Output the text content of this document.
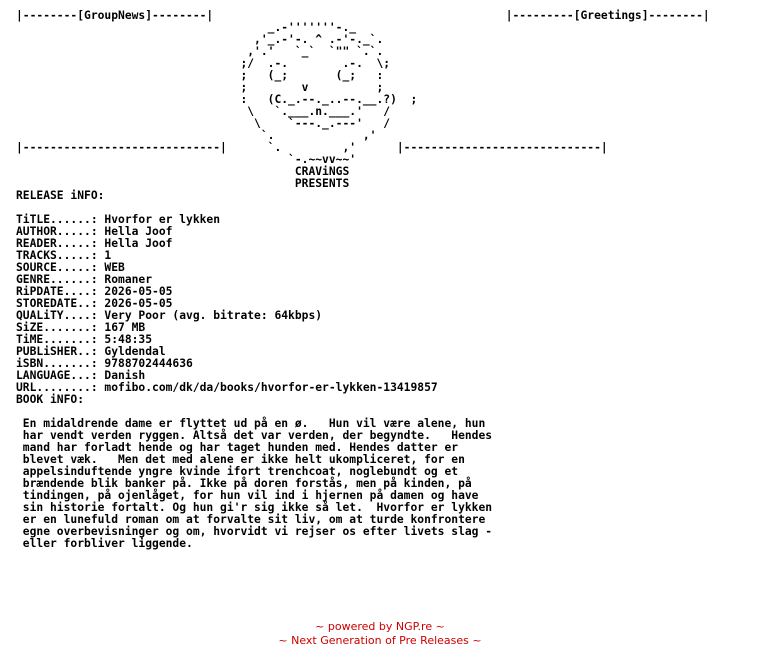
|--------[GroupNews]--------|                                           |---------[Greetings]--------|
_.-'''''''-._
,'_.-'-. ^ .-'-._`.
,'.'   `_`  `"" `.`.
;/  .-.        .-.  \;
;   (_;       (_;   :
;        v          ;
:   (C._.--._..--.__.?)  ;
\   `.___.n.___.'   /
\    `---._.---'   /
`.             ,'
|-----------------------------|      `.         ,'      |-----------------------------|
`-.~~vv~~'
CRAViNGS
PRESENTS
RELEASE iNFO:

TiTLE......: Hvorfor er lykken
AUTHOR.....: Hella Joof
READER.....: Hella Joof
TRACKS.....: 1
SOURCE.....: WEB
GENRE......: Romaner
RiPDATE....: 2026-05-05
STOREDATE..: 2026-05-05
QUALiTY....: Very Poor (avg. bitrate: 64kbps)
SiZE.......: 167 MB
TiME.......: 5:48:35
PUBLiSHER..: Gyldendal
iSBN.......: 9788702444636
LANGUAGE...: Danish
URL........: mofibo.com/dk/da/books/hvorfor-er-lykken-13419857
BOOK iNFO:

En midaldrende dame er flyttet ud på en ø.   Hun vil være alene, hun
har vendt verden ryggen. Altså det var verden, der begyndte.   Hendes
mand har forladt hende og har taget hunden med. Hendes datter er
blevet væk.   Men det med alene er ikke helt ukompliceret, for en
appelsinduftende yngre kvinde ifort trenchcoat, noglebundt og et
brændende blik banker på. Ikke på doren forstås, men på kinden, på
tindingen, på ojenlåget, for hun vil ind i hjernen på damen og have
sin historie fortalt. Og hun gi'r sig ikke så let.  Hvorfor er lykken
er en lunefuld roman om at forvalte sit liv, om at turde konfrontere
egne overbevisninger og om, hvorvidt vi rejser os efter livets slag -
eller forbliver liggende.
~ powered by NGP.re ~
~ Next Generation of Pre Releases ~
